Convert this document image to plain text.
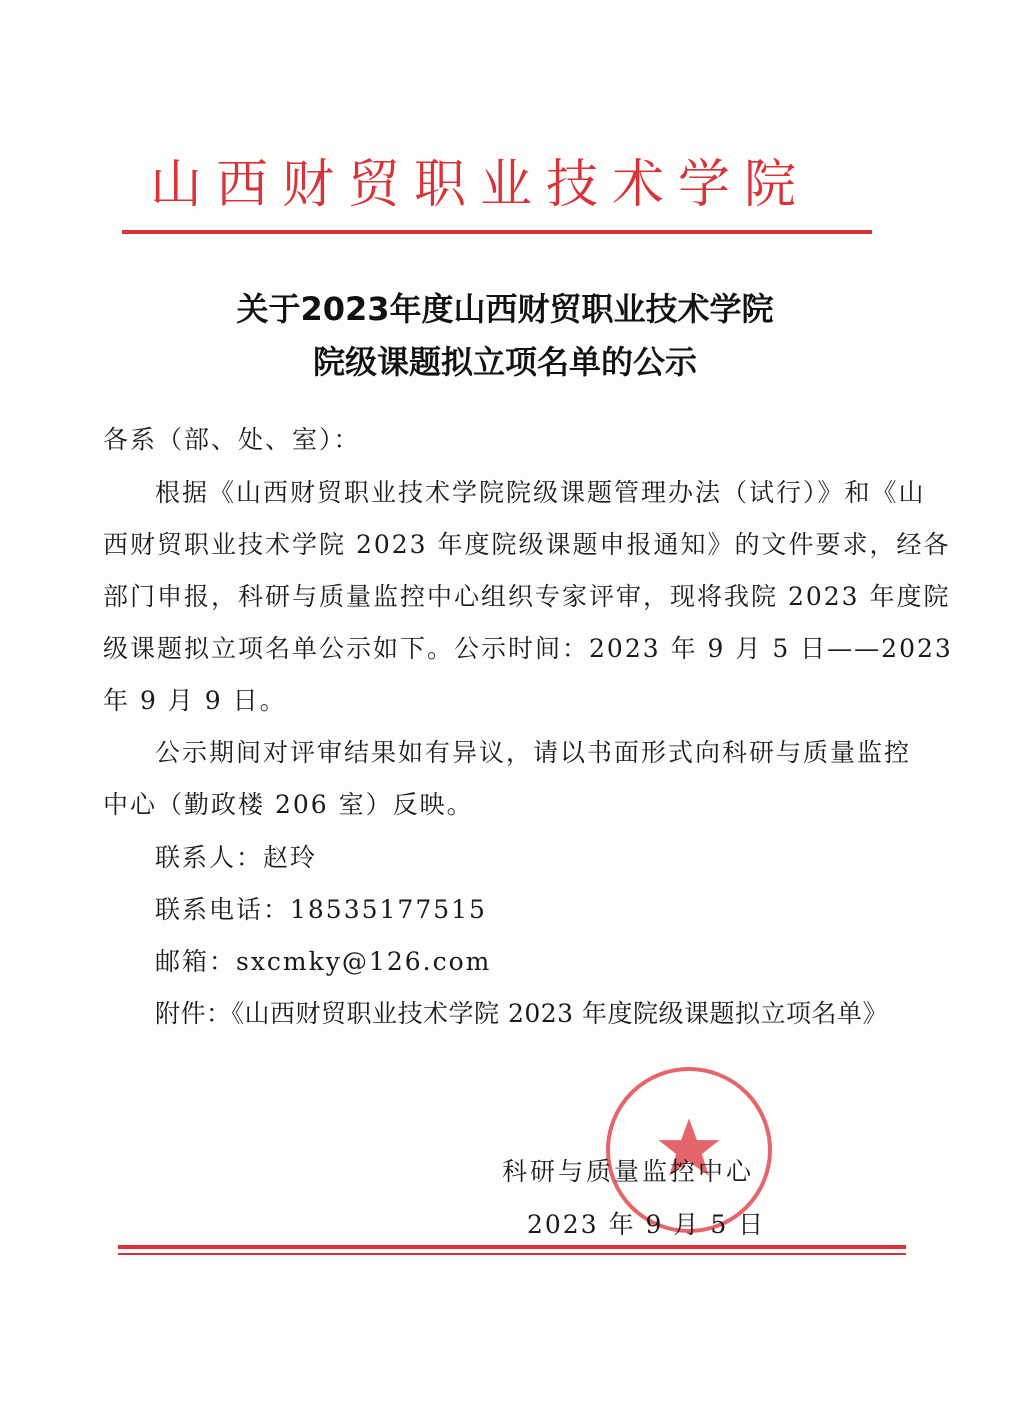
山西财贸职业技术学院
关于2023年度山西财贸职业技术学院
院级课题拟立项名单的公示
各系（部、处、室）：
根据《山西财贸职业技术学院院级课题管理办法（试行）》和《山
西财贸职业技术学院 2023 年度院级课题申报通知》的文件要求，经各
部门申报，科研与质量监控中心组织专家评审，现将我院 2023 年度院
级课题拟立项名单公示如下。公示时间：2023 年 9 月 5 日——2023
年 9 月 9 日。
公示期间对评审结果如有异议，请以书面形式向科研与质量监控
中心（勤政楼 206 室）反映。
联系人：赵玲
联系电话：18535177515
邮箱：sxcmky@126.com
附件：《山西财贸职业技术学院 2023 年度院级课题拟立项名单》
科研与质量监控中心
2023 年 9 月 5 日
